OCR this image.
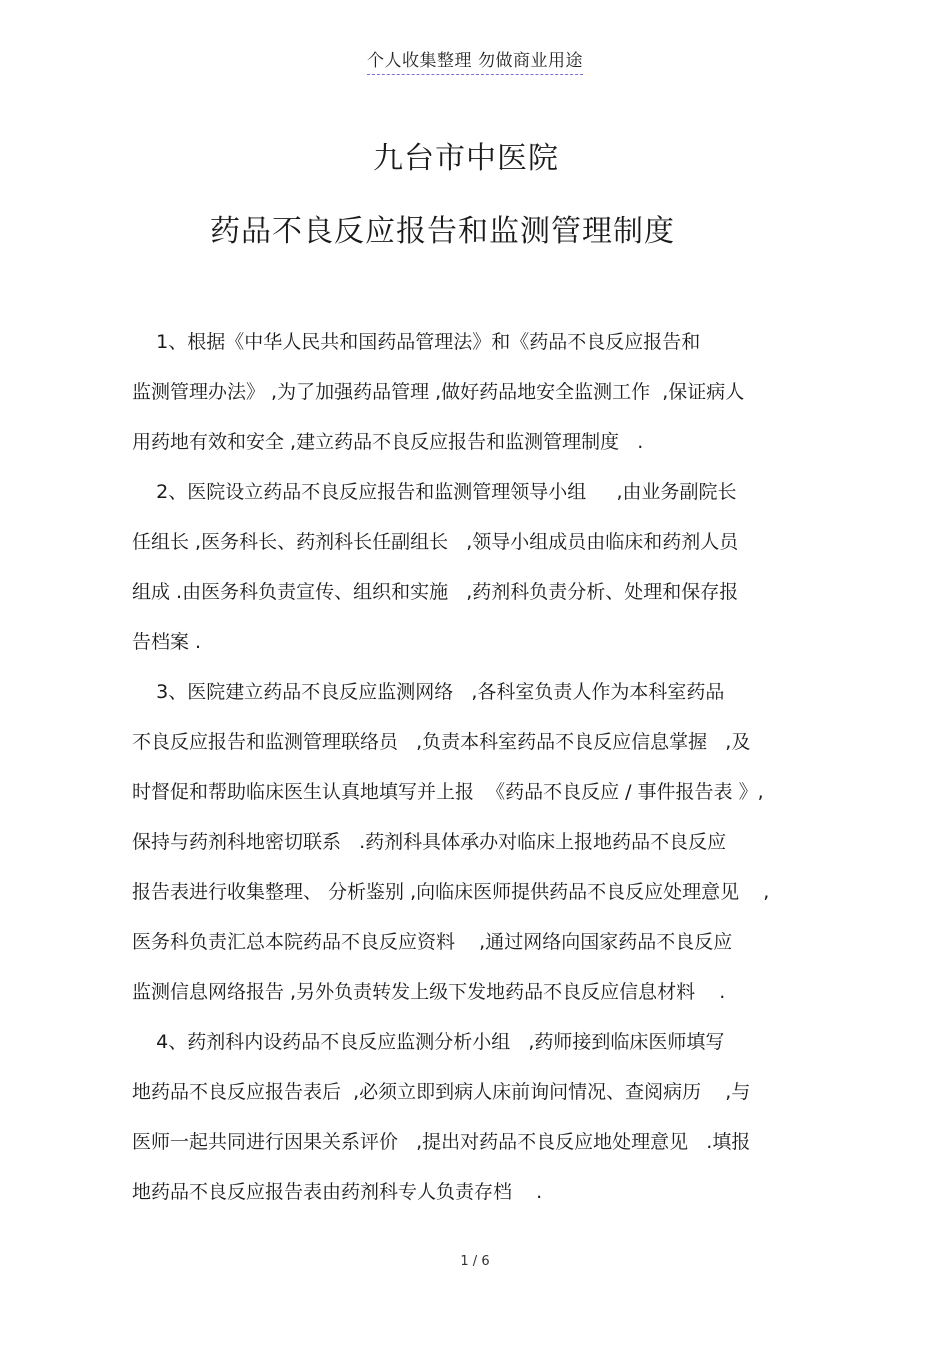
个人收集整理 勿做商业用途
九台市中医院
药品不良反应报告和监测管理制度
1、根据《中华人民共和国药品管理法》和《药品不良反应报告和
监测管理办法》 ,为了加强药品管理 ,做好药品地安全监测工作  ,保证病人
用药地有效和安全 ,建立药品不良反应报告和监测管理制度   .
2、医院设立药品不良反应报告和监测管理领导小组     ,由业务副院长
任组长 ,医务科长、药剂科长任副组长   ,领导小组成员由临床和药剂人员
组成 .由医务科负责宣传、组织和实施   ,药剂科负责分析、处理和保存报
告档案 .
3、医院建立药品不良反应监测网络   ,各科室负责人作为本科室药品
不良反应报告和监测管理联络员   ,负责本科室药品不良反应信息掌握   ,及
时督促和帮助临床医生认真地填写并上报  《药品不良反应 / 事件报告表 》,
保持与药剂科地密切联系   .药剂科具体承办对临床上报地药品不良反应
报告表进行收集整理、 分析鉴别 ,向临床医师提供药品不良反应处理意见    ,
医务科负责汇总本院药品不良反应资料    ,通过网络向国家药品不良反应
监测信息网络报告 ,另外负责转发上级下发地药品不良反应信息材料    .
4、药剂科内设药品不良反应监测分析小组   ,药师接到临床医师填写
地药品不良反应报告表后  ,必须立即到病人床前询问情况、查阅病历    ,与
医师一起共同进行因果关系评价   ,提出对药品不良反应地处理意见   .填报
地药品不良反应报告表由药剂科专人负责存档    .
1 / 6
